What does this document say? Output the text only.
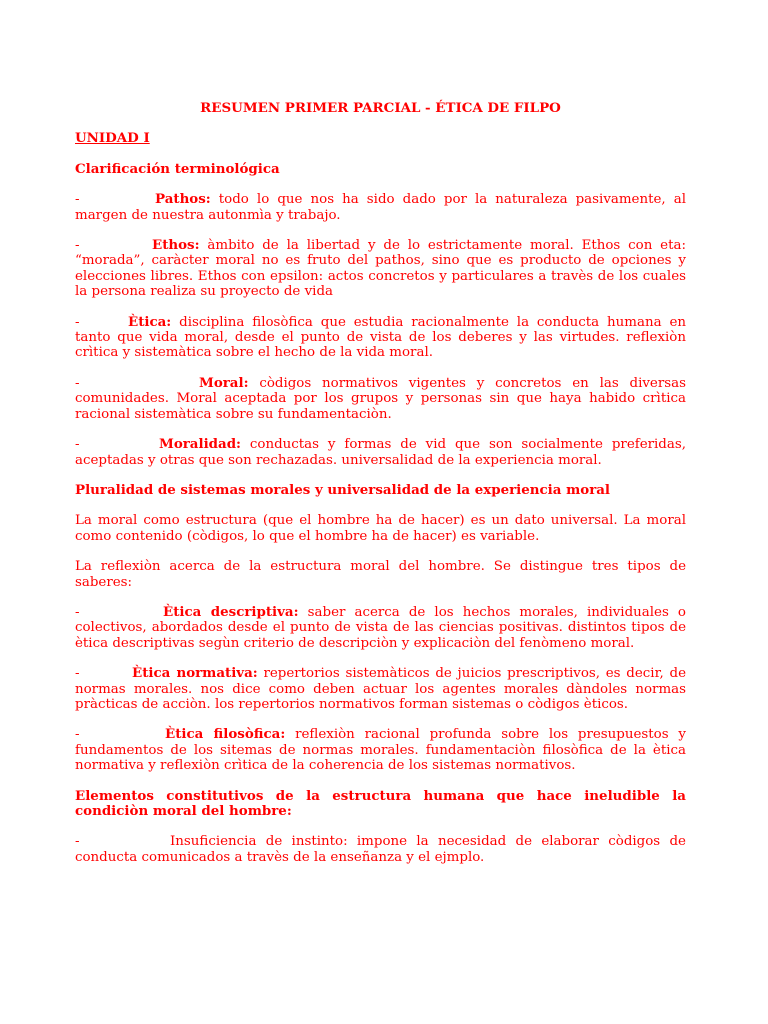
RESUMEN PRIMER PARCIAL - ÉTICA DE FILPO
UNIDAD I
Clarificación terminológica
-	Pathos: todo lo que nos ha sido dado por la naturaleza pasivamente, al margen de nuestra autonmìa y trabajo.
-	Ethos: àmbito de la libertad y de lo estrictamente moral. Ethos con eta: “morada”, caràcter moral no es fruto del pathos, sino que es producto de opciones y elecciones libres. Ethos con epsilon: actos concretos y particulares a travès de los cuales la persona realiza su proyecto de vida
-	Ètica: disciplina filosòfica que estudia racionalmente la conducta humana en tanto que vida moral, desde el punto de vista de los deberes y las virtudes. reflexiòn crìtica y sistemàtica sobre el hecho de la vida moral.
-	Moral: còdigos normativos vigentes y concretos en las diversas comunidades. Moral aceptada por los grupos y personas sin que haya habido crìtica racional sistemàtica sobre su fundamentaciòn.
-	Moralidad: conductas y formas de vid que son socialmente preferidas, aceptadas y otras que son rechazadas. universalidad de la experiencia moral.
Pluralidad de sistemas morales y universalidad de la experiencia moral

La moral como estructura (que el hombre ha de hacer) es un dato universal. La moral como contenido (còdigos, lo que el hombre ha de hacer) es variable.

La reflexiòn acerca de la estructura moral del hombre. Se distingue tres tipos de saberes:

-	Ètica descriptiva: saber acerca de los hechos morales, individuales o colectivos, abordados desde el punto de vista de las ciencias positivas. distintos tipos de ètica descriptivas segùn criterio de descripciòn y explicaciòn del fenòmeno moral.
-	Ètica normativa: repertorios sistemàticos de juicios prescriptivos, es decir, de normas morales. nos dice como deben actuar los agentes morales dàndoles normas pràcticas de acciòn. los repertorios normativos forman sistemas o còdigos èticos.
-	Ètica filosòfica: reflexiòn racional profunda sobre los presupuestos y fundamentos de los sitemas de normas morales. fundamentaciòn filosòfica de la ètica normativa y reflexiòn crìtica de la coherencia de los sistemas normativos.
Elementos constitutivos de la estructura humana que hace ineludible la condiciòn moral del hombre:
-	Insuficiencia de instinto: impone la necesidad de elaborar còdigos de conducta comunicados a travès de la enseñanza y el ejmplo.
